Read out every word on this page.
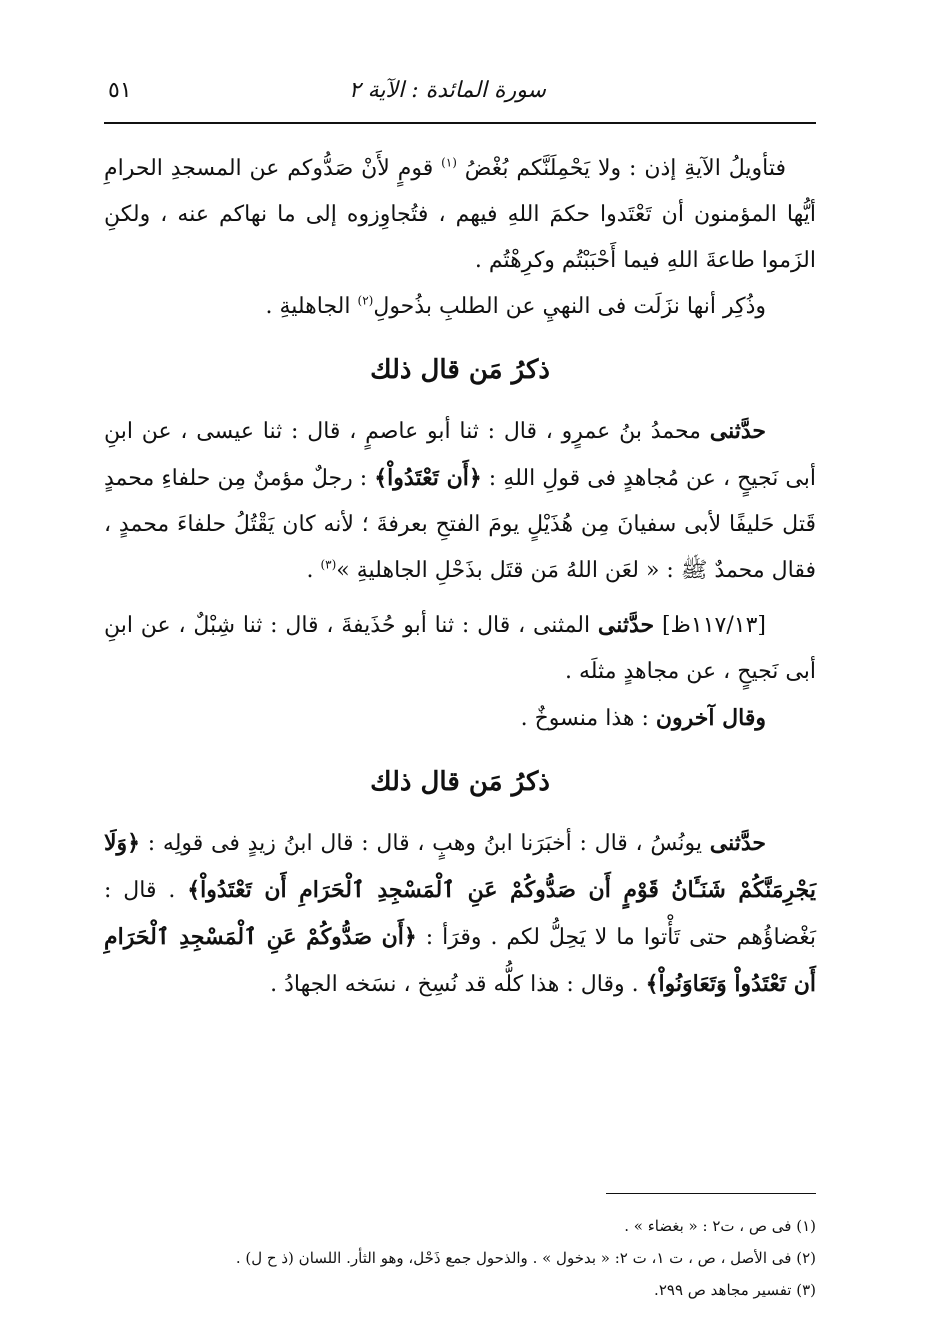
سورة المائدة : الآية ٢
٥١

فتأويلُ الآيةِ إذن : ولا يَحْمِلَنَّكم بُغْضُ $^{(١)}$ قومٍ لأَنْ صَدُّوكم عن المسجدِ الحرامِ أيُّها المؤمنون أن تَعْتَدوا حكمَ اللهِ فيهم ، فتُجاوِزوه إلى ما نهاكم عنه ، ولكنِ الزَموا طاعةَ اللهِ فيما أَحْبَبْتُم وكرِهْتُم .

وذُكِر أنها نزَلَت فى النهيِ عن الطلبِ بذُحولِ$^{(٢)}$ الجاهليةِ .

ذكرُ مَن قال ذلك

حدَّثنى محمدُ بنُ عمرٍو ، قال : ثنا أبو عاصمٍ ، قال : ثنا عيسى ، عن ابنِ أبى نَجيحٍ ، عن مُجاهدٍ فى قولِ اللهِ : ﴿أَن تَعْتَدُواْ﴾ : رجلٌ مؤمنٌ مِن حلفاءِ محمدٍ قَتل حَليفًا لأبى سفيانَ مِن هُذَيْلٍ يومَ الفتحِ بعرفةَ ؛ لأنه كان يَقْتُلُ حلفاءَ محمدٍ ، فقال محمدٌ ﷺ : « لعَن اللهُ مَن قتَل بذَحْلِ الجاهليةِ »$^{(٣)}$ .

[١١٧/١٣ظ] حدَّثنى المثنى ، قال : ثنا أبو حُذَيفةَ ، قال : ثنا شِبْلٌ ، عن ابنِ أبى نَجيحٍ ، عن مجاهدٍ مثلَه .

وقال آخرون : هذا منسوخٌ .

ذكرُ مَن قال ذلك

حدَّثنى يونُسُ ، قال : أخبَرَنا ابنُ وهبٍ ، قال : قال ابنُ زيدٍ فى قولِه : ﴿وَلَا يَجْرِمَنَّكُمْ شَنَـَٔانُ قَوْمٍ أَن صَدُّوكُمْ عَنِ ٱلْمَسْجِدِ ٱلْحَرَامِ أَن تَعْتَدُواْ﴾ . قال : بَغْضاؤُهم حتى تَأْتوا ما لا يَحِلُّ لكم . وقرَأ : ﴿أَن صَدُّوكُمْ عَنِ ٱلْمَسْجِدِ ٱلْحَرَامِ أَن تَعْتَدُواْ وَتَعَاوَنُواْ﴾ . وقال : هذا كلُّه قد نُسِخ ، نسَخه الجهادُ .

(١) فى ص ، ت٢ : « بغضاء » .
(٢) فى الأصل ، ص ، ت ١، ت ٢: « بدخول » . والذحول جمع ذَحْل، وهو الثأر. اللسان (ذ ح ل) .
(٣) تفسير مجاهد ص ٢٩٩.
